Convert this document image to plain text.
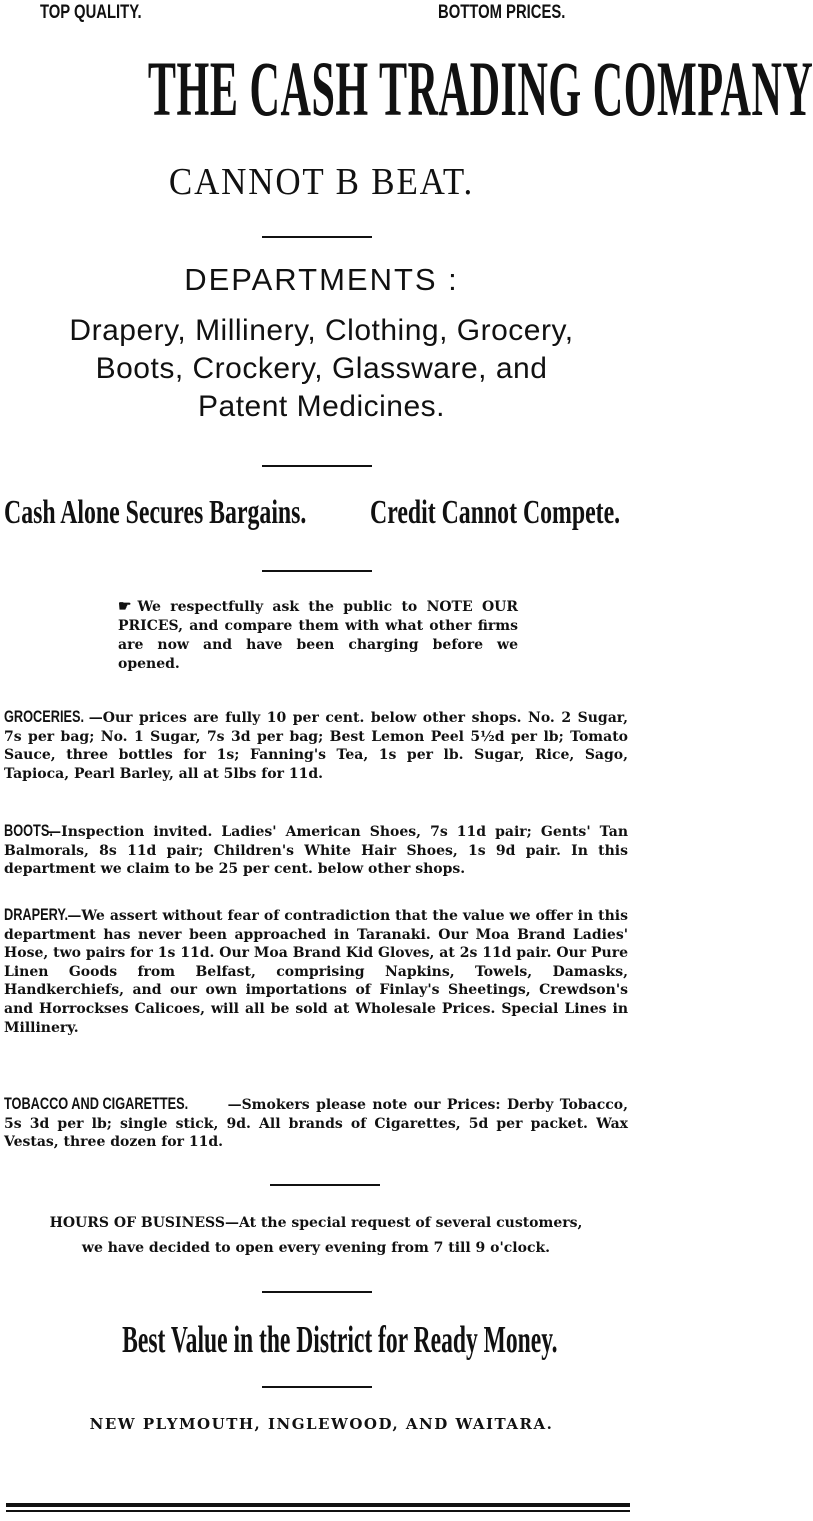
TOP QUALITY.	BOTTOM PRICES.
THE CASH TRADING COMPANY
CANNOT B BEAT.
DEPARTMENTS :
Drapery, Millinery, Clothing, Grocery,
Boots, Crockery, Glassware, and
Patent Medicines.
Cash Alone Secures Bargains. Credit Cannot Compete.
☛ We respectfully ask the public to NOTE OUR PRICES, and compare them with what other firms are now and have been charging before we opened.
GROCERIES. —Our prices are fully 10 per cent. below other shops. No. 2 Sugar, 7s per bag; No. 1 Sugar, 7s 3d per bag; Best Lemon Peel 5½d per lb; Tomato Sauce, three bottles for 1s; Fanning's Tea, 1s per lb. Sugar, Rice, Sago, Tapioca, Pearl Barley, all at 5lbs for 11d.
BOOTS.—Inspection invited. Ladies' American Shoes, 7s 11d pair; Gents' Tan Balmorals, 8s 11d pair; Children's White Hair Shoes, 1s 9d pair. In this department we claim to be 25 per cent. below other shops.
DRAPERY.—We assert without fear of contradiction that the value we offer in this department has never been approached in Taranaki. Our Moa Brand Ladies' Hose, two pairs for 1s 11d. Our Moa Brand Kid Gloves, at 2s 11d pair. Our Pure Linen Goods from Belfast, comprising Napkins, Towels, Damasks, Handkerchiefs, and our own importations of Finlay's Sheetings, Crewdson's and Horrockses Calicoes, will all be sold at Wholesale Prices. Special Lines in Millinery.
TOBACCO AND CIGARETTES.	—Smokers please note our Prices: Derby Tobacco, 5s 3d per lb; single stick, 9d. All brands of Cigarettes, 5d per packet. Wax Vestas, three dozen for 11d.
HOURS OF BUSINESS—At the special request of several customers,
we have decided to open every evening from 7 till 9 o'clock.
Best Value in the District for Ready Money.
NEW PLYMOUTH, INGLEWOOD, AND WAITARA.
